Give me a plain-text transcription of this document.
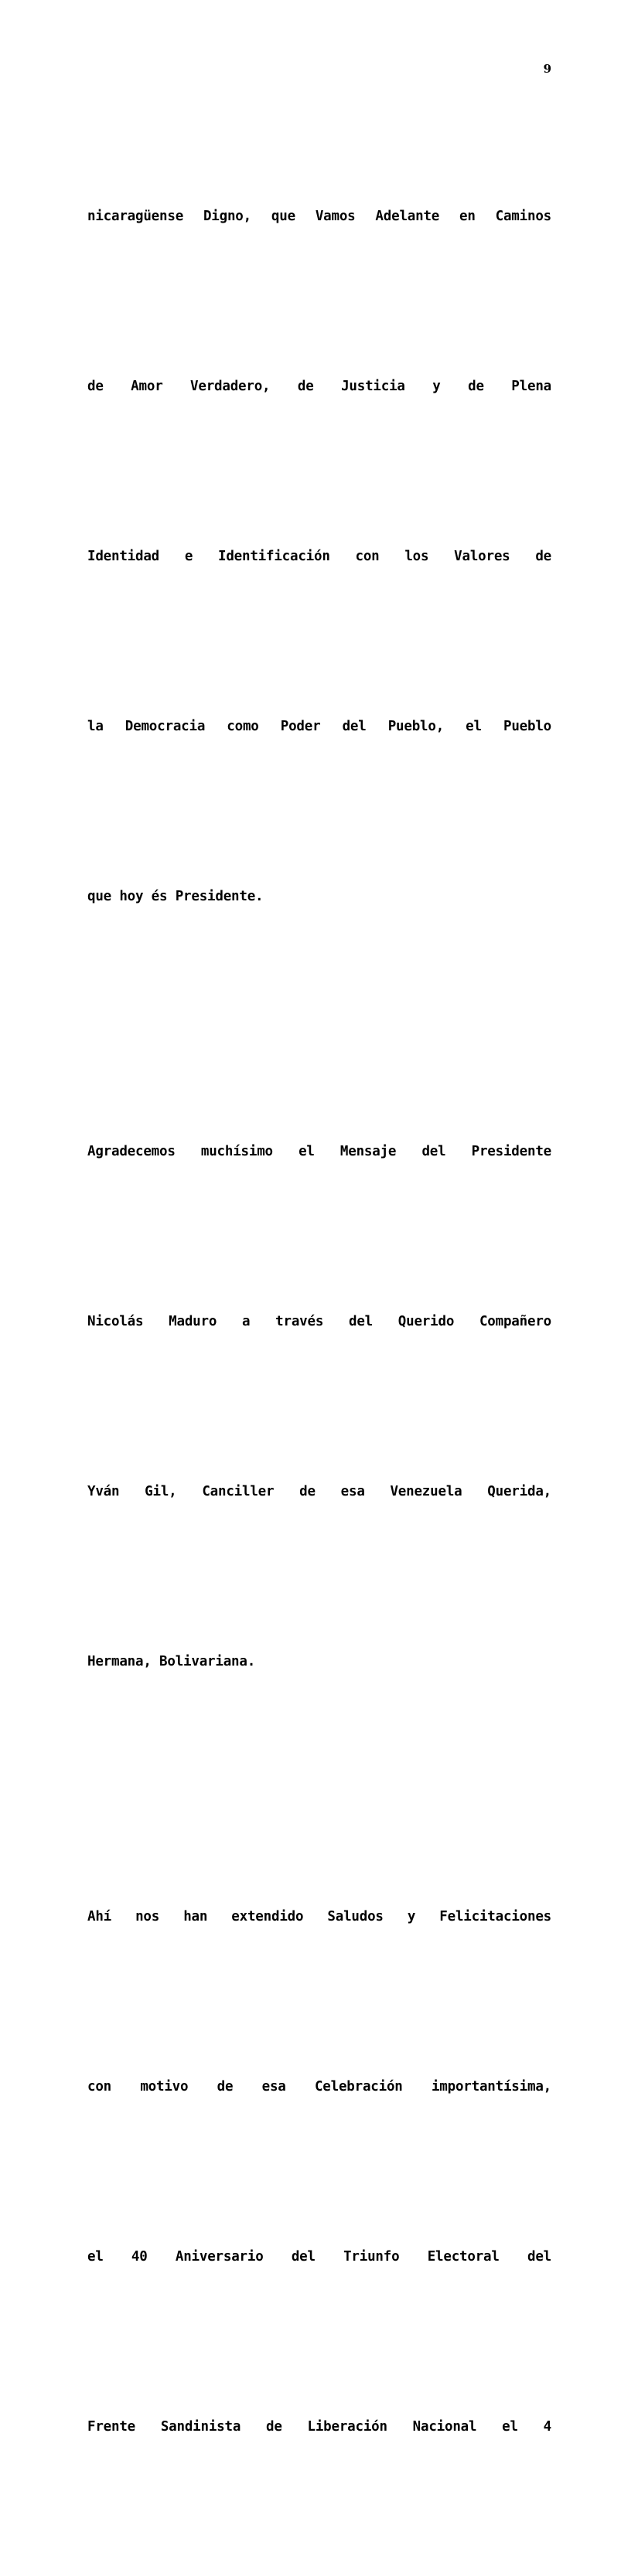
9

nicaragüense Digno, que Vamos Adelante en Caminos

de Amor Verdadero, de Justicia y de Plena

Identidad e Identificación con los Valores de

la Democracia como Poder del Pueblo, el Pueblo

que hoy és Presidente.

Agradecemos muchísimo el Mensaje del Presidente

Nicolás Maduro a través del Querido Compañero

Yván Gil, Canciller de esa Venezuela Querida,

Hermana, Bolivariana.

Ahí nos han extendido Saludos y Felicitaciones

con motivo de esa Celebración importantísima,

el 40 Aniversario del Triunfo Electoral del

Frente Sandinista de Liberación Nacional el 4
